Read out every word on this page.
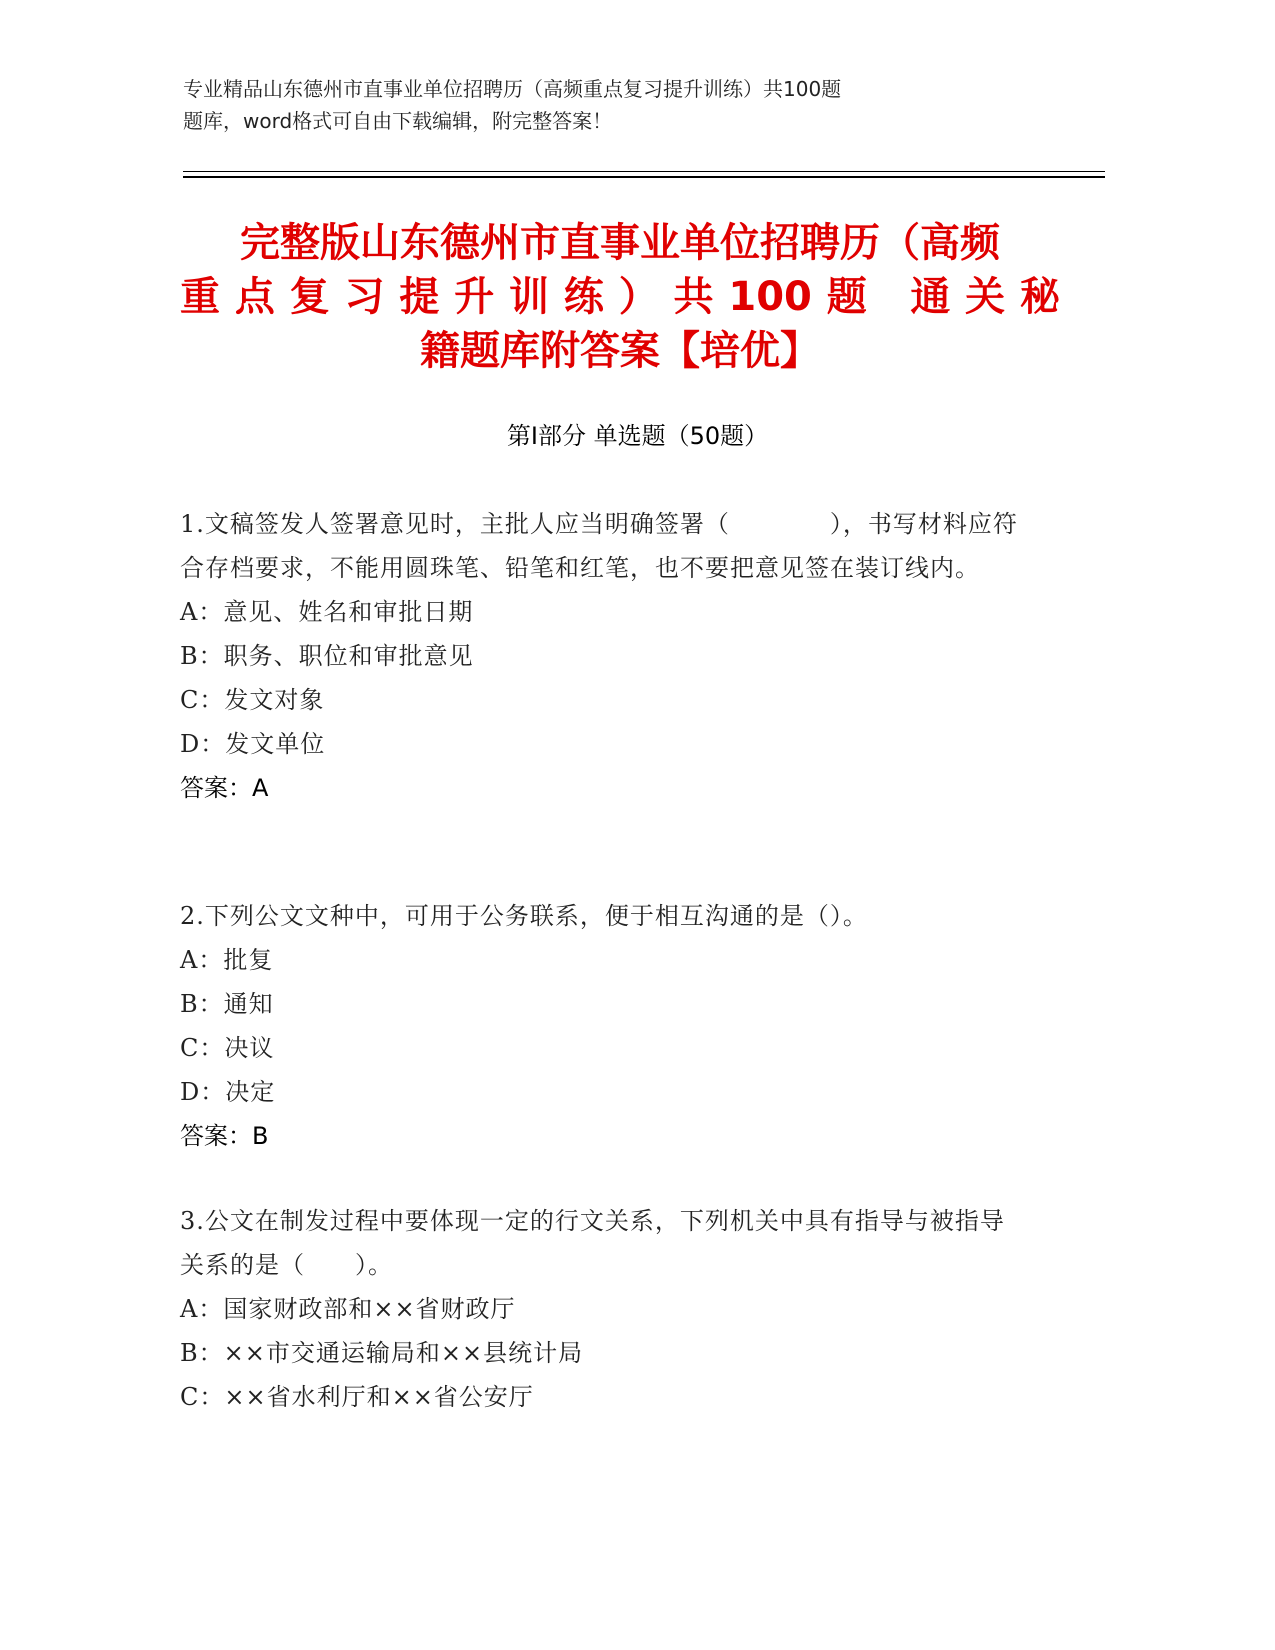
专业精品山东德州市直事业单位招聘历（高频重点复习提升训练）共100题
题库，word格式可自由下载编辑，附完整答案！
完整版山东德州市直事业单位招聘历（高频
重点复习提升训练）共100题 通关秘
籍题库附答案【培优】
第I部分 单选题（50题）

1.文稿签发人签署意见时，主批人应当明确签署（　　　　），书写材料应符合存档要求，不能用圆珠笔、铅笔和红笔，也不要把意见签在装订线内。

A：意见、姓名和审批日期

B：职务、职位和审批意见

C：发文对象

D：发文单位

答案：A

2.下列公文文种中，可用于公务联系，便于相互沟通的是（）。

A：批复

B：通知

C：决议

D：决定

答案：B

3.公文在制发过程中要体现一定的行文关系，下列机关中具有指导与被指导关系的是（　　）。

A：国家财政部和××省财政厅

B：××市交通运输局和××县统计局

C：××省水利厅和××省公安厅
